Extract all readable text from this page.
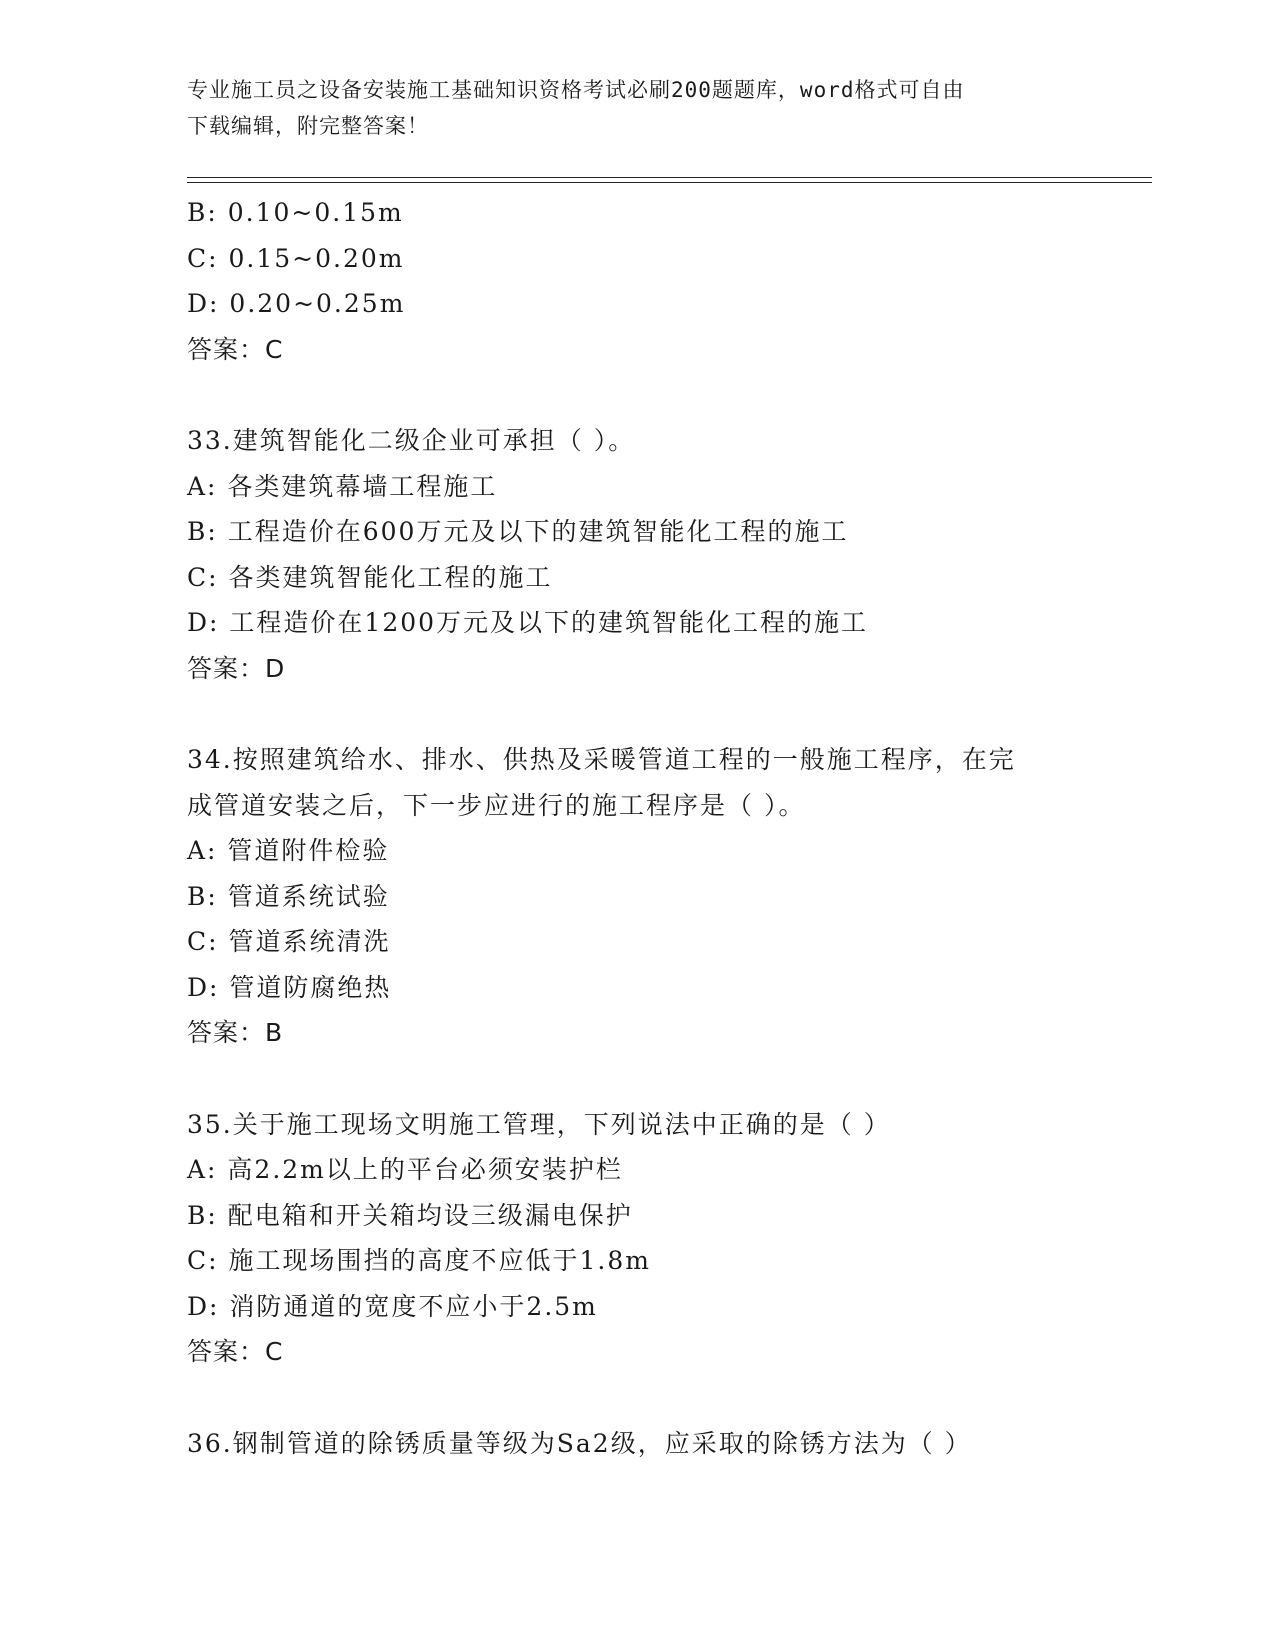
专业施工员之设备安装施工基础知识资格考试必刷200题题库，word格式可自由
下载编辑，附完整答案！
B: 0.10~0.15m
C: 0.15~0.20m
D: 0.20~0.25m
答案：C
33.建筑智能化二级企业可承担（ ）。
A: 各类建筑幕墙工程施工
B: 工程造价在600万元及以下的建筑智能化工程的施工
C: 各类建筑智能化工程的施工
D: 工程造价在1200万元及以下的建筑智能化工程的施工
答案：D
34.按照建筑给水、排水、供热及采暖管道工程的一般施工程序，在完
成管道安装之后，下一步应进行的施工程序是（ ）。
A: 管道附件检验
B: 管道系统试验
C: 管道系统清洗
D: 管道防腐绝热
答案：B
35.关于施工现场文明施工管理，下列说法中正确的是（ ）
A: 高2.2m以上的平台必须安装护栏
B: 配电箱和开关箱均设三级漏电保护
C: 施工现场围挡的高度不应低于1.8m
D: 消防通道的宽度不应小于2.5m
答案：C
36.钢制管道的除锈质量等级为Sa2级，应采取的除锈方法为（ ）
